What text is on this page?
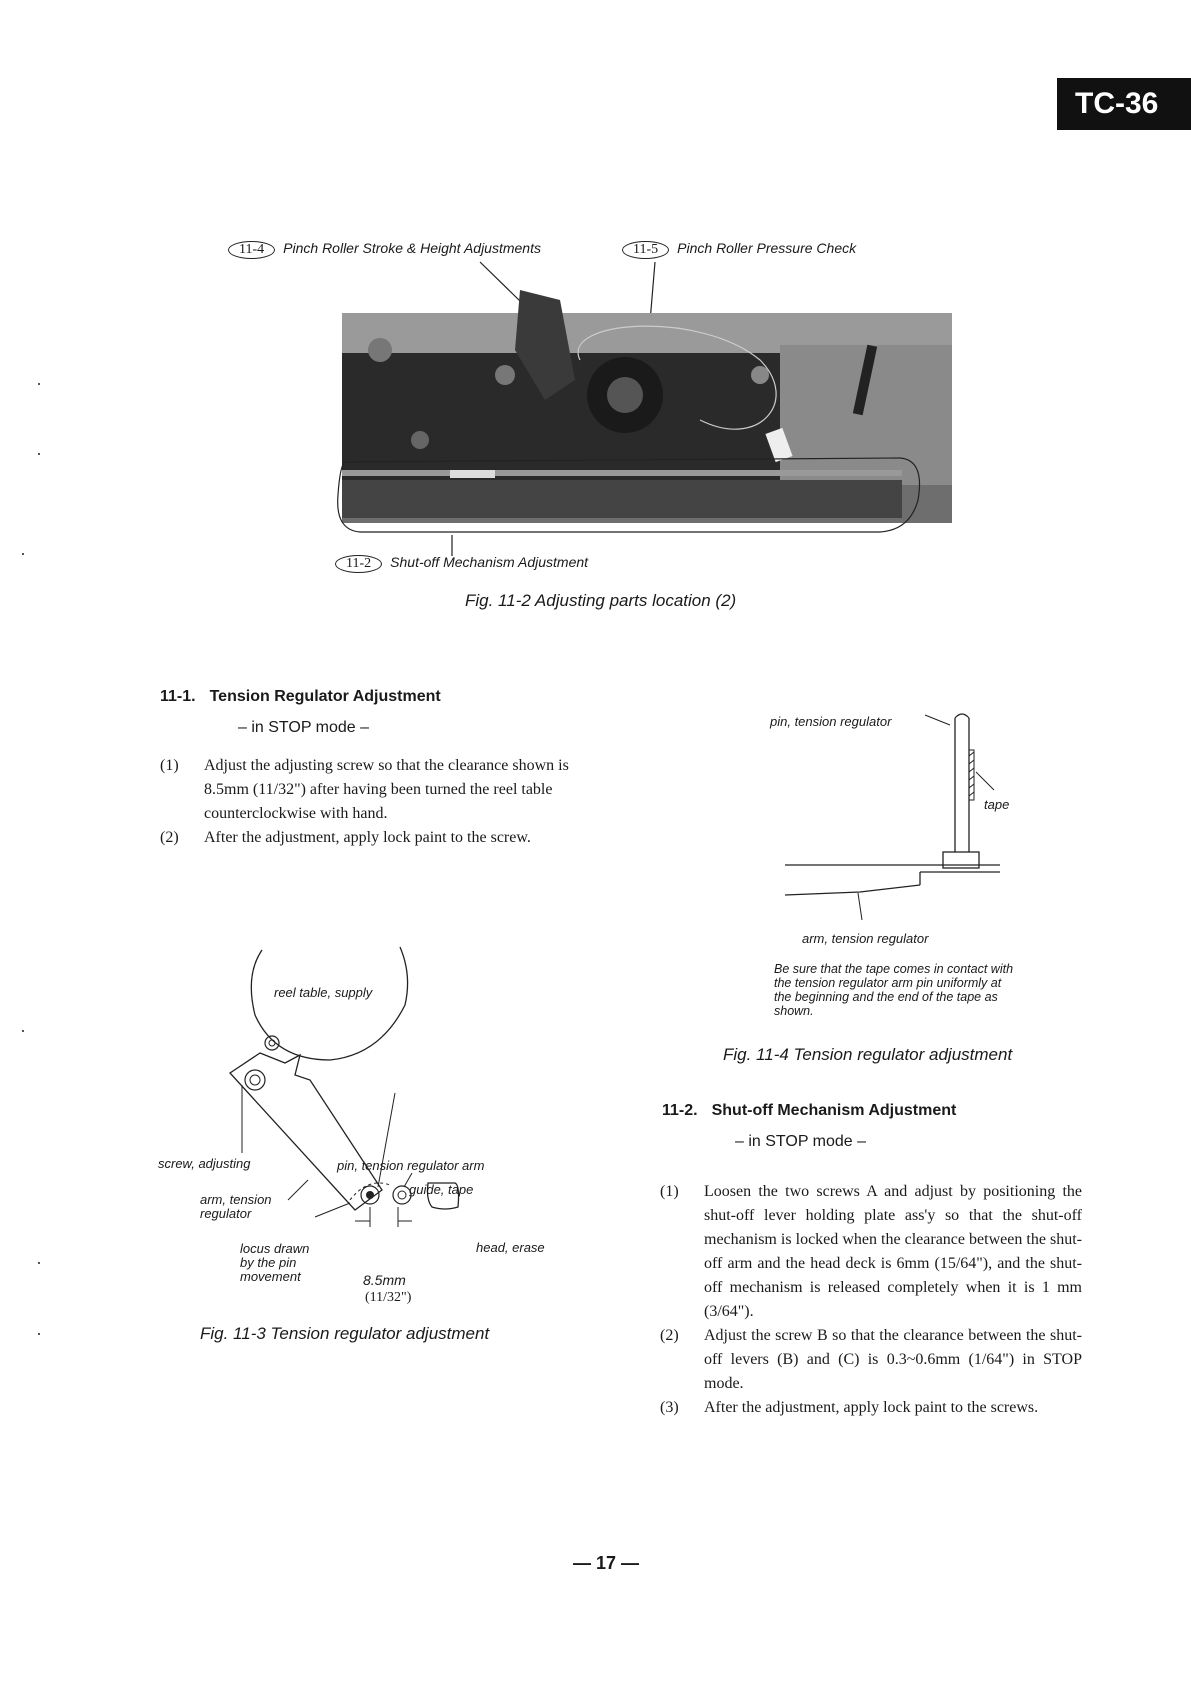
TC-36
11-4 Pinch Roller Stroke & Height Adjustments	11-5 Pinch Roller Pressure Check
11-2 Shut-off Mechanism Adjustment
Fig. 11-2 Adjusting parts location (2)
11-1. Tension Regulator Adjustment
– in STOP mode –
(1) Adjust the adjusting screw so that the clearance shown is 8.5mm (11/32") after having been turned the reel table counterclockwise with hand.
(2) After the adjustment, apply lock paint to the screw.
reel table, supply
screw, adjusting	pin, tension regulator arm
arm, tension
regulator
guide, tape
head, erase
locus drawn
by the pin
movement	8.5mm
(11/32")
Fig. 11-3 Tension regulator adjustment
pin, tension regulator
tape
arm, tension regulator
Be sure that the tape comes in contact with the tension regulator arm pin uniformly at the beginning and the end of the tape as shown.
Fig. 11-4 Tension regulator adjustment
11-2. Shut-off Mechanism Adjustment
– in STOP mode –
(1) Loosen the two screws A and adjust by positioning the shut-off lever holding plate ass'y so that the shut-off mechanism is locked when the clearance between the shut-off arm and the head deck is 6mm (15/64"), and the shut-off mechanism is released completely when it is 1 mm (3/64").
(2) Adjust the screw B so that the clearance between the shut-off levers (B) and (C) is 0.3~0.6mm (1/64") in STOP mode.
(3) After the adjustment, apply lock paint to the screws.
— 17 —
